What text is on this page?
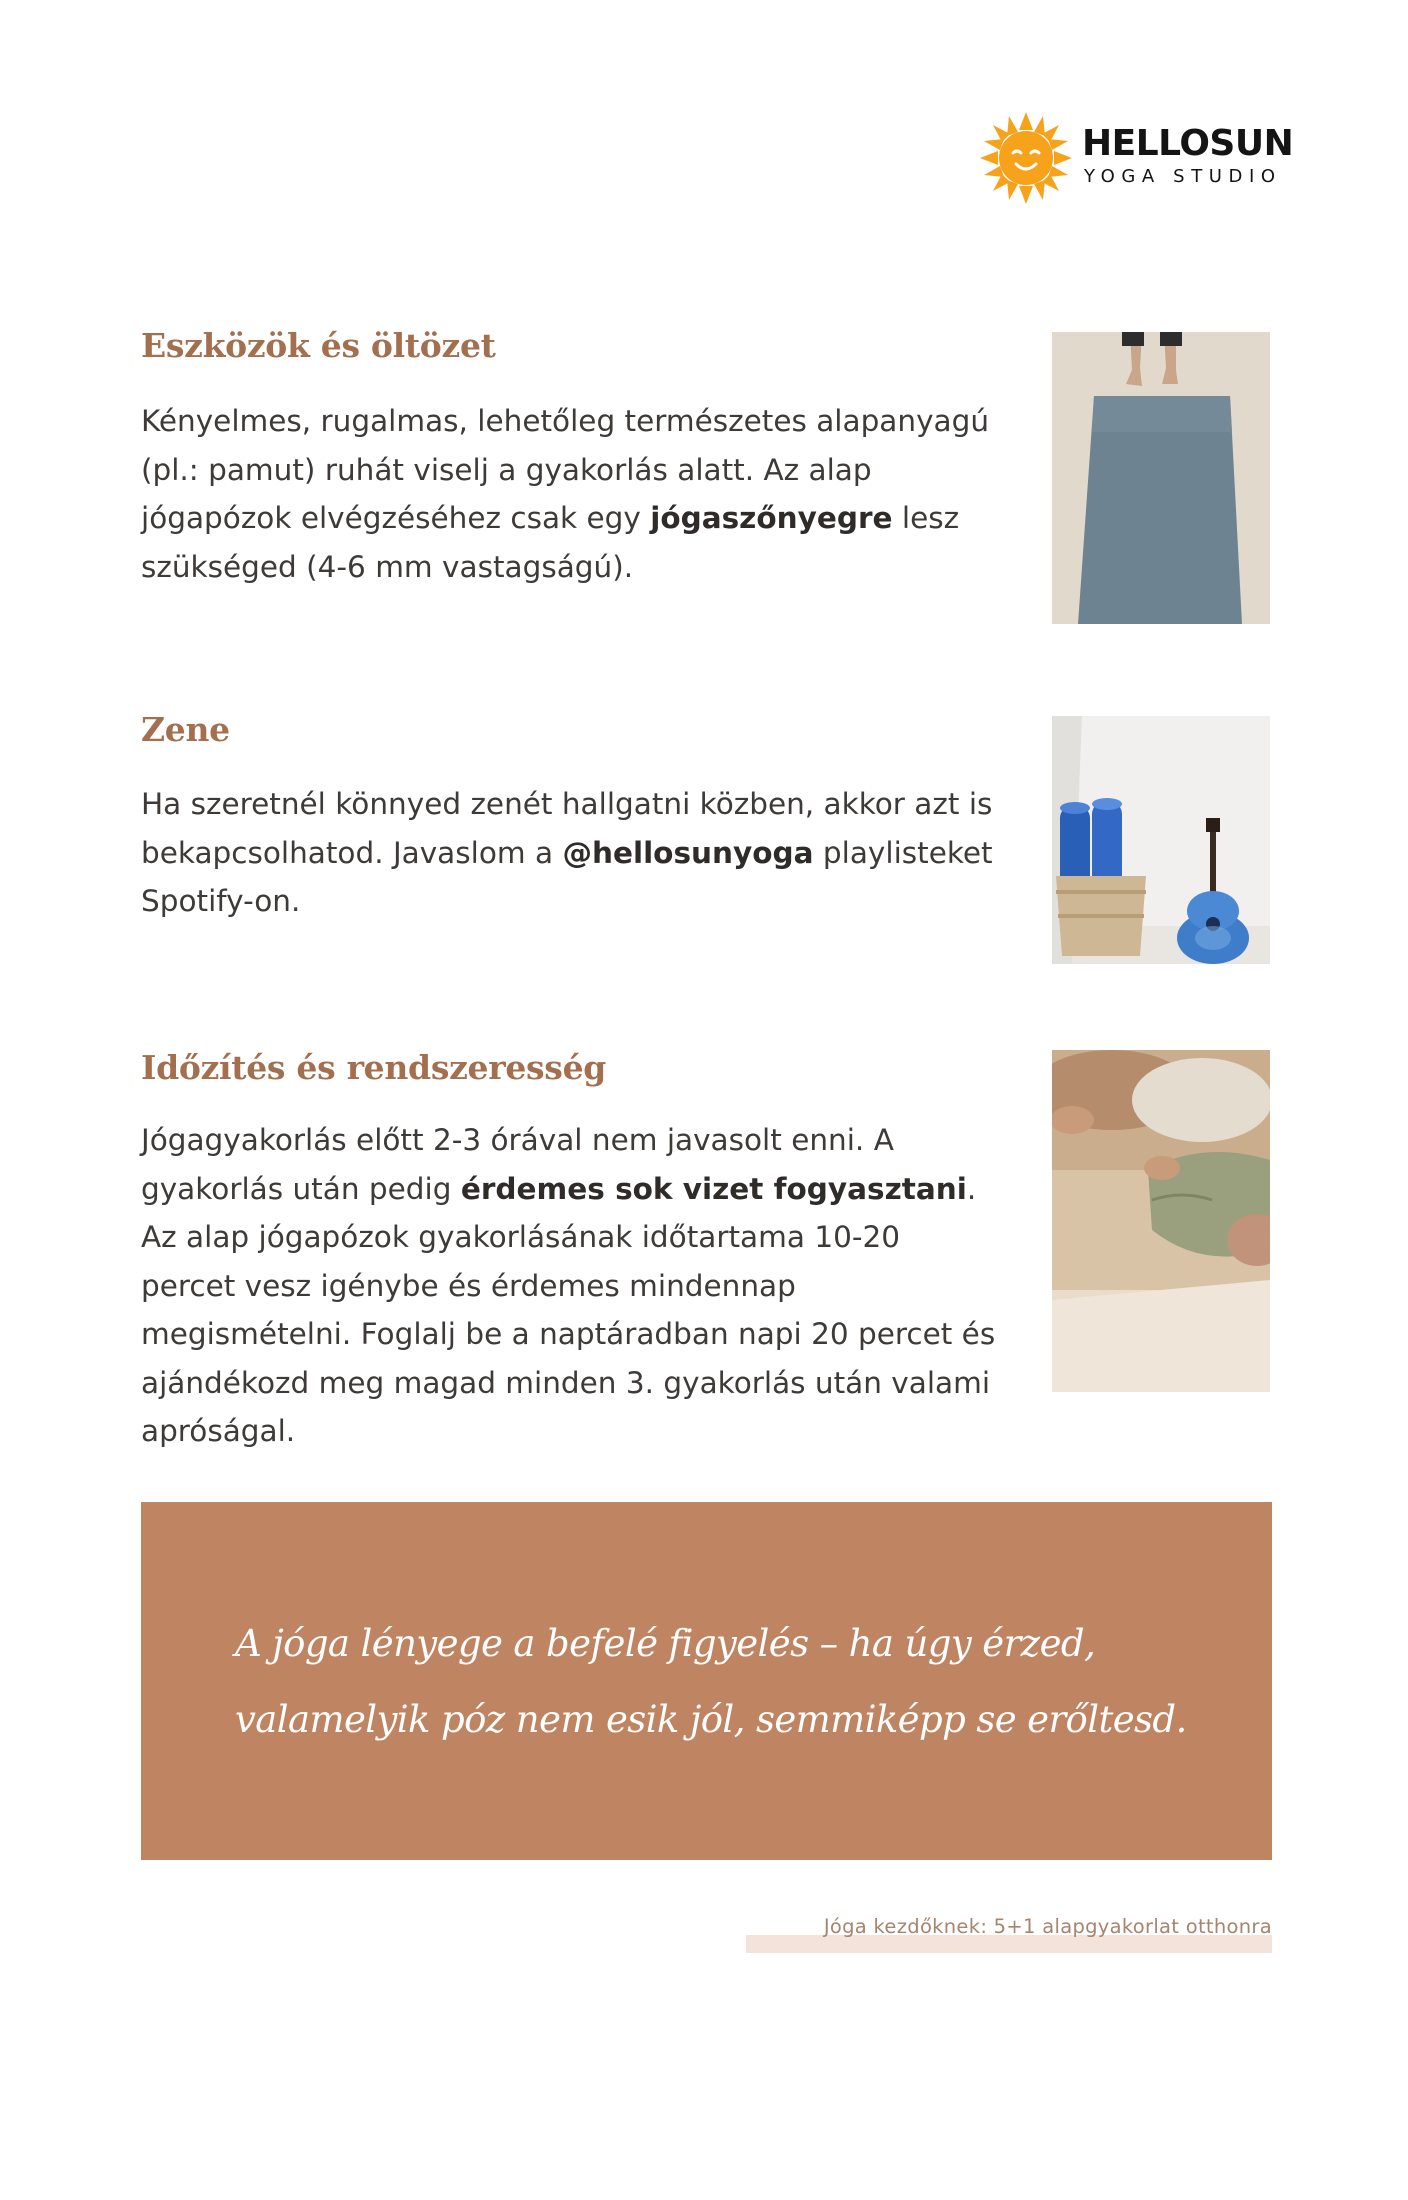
HELLOSUN
YOGA STUDIO
Eszközök és öltözet

Kényelmes, rugalmas, lehetőleg természetes alapanyagú (pl.: pamut) ruhát viselj a gyakorlás alatt. Az alap jógapózok elvégzéséhez csak egy jógaszőnyegre lesz szükséged (4-6 mm vastagságú).

Zene

Ha szeretnél könnyed zenét hallgatni közben, akkor azt is bekapcsolhatod. Javaslom a @hellosunyoga playlisteket Spotify-on.

Időzítés és rendszeresség

Jógagyakorlás előtt 2-3 órával nem javasolt enni. A gyakorlás után pedig érdemes sok vizet fogyasztani. Az alap jógapózok gyakorlásának időtartama 10-20 percet vesz igénybe és érdemes mindennap megismételni. Foglalj be a naptáradban napi 20 percet és ajándékozd meg magad minden 3. gyakorlás után valami apróságal.

A jóga lényege a befelé figyelés – ha úgy érzed, valamelyik póz nem esik jól, semmiképp se erőltesd.

Jóga kezdőknek: 5+1 alapgyakorlat otthonra
